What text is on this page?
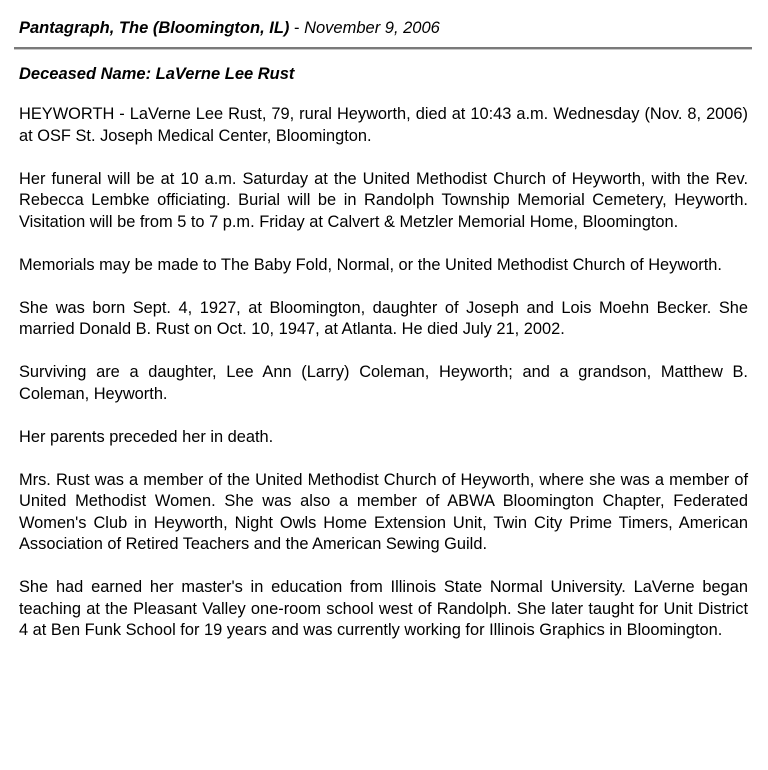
Pantagraph, The (Bloomington, IL) - November 9, 2006
Deceased Name: LaVerne Lee Rust

HEYWORTH - LaVerne Lee Rust, 79, rural Heyworth, died at 10:43 a.m. Wednesday (Nov. 8, 2006) at OSF St. Joseph Medical Center, Bloomington.

Her funeral will be at 10 a.m. Saturday at the United Methodist Church of Heyworth, with the Rev. Rebecca Lembke officiating. Burial will be in Randolph Township Memorial Cemetery, Heyworth. Visitation will be from 5 to 7 p.m. Friday at Calvert & Metzler Memorial Home, Bloomington.

Memorials may be made to The Baby Fold, Normal, or the United Methodist Church of Heyworth.

She was born Sept. 4, 1927, at Bloomington, daughter of Joseph and Lois Moehn Becker. She married Donald B. Rust on Oct. 10, 1947, at Atlanta. He died July 21, 2002.

Surviving are a daughter, Lee Ann (Larry) Coleman, Heyworth; and a grandson, Matthew B. Coleman, Heyworth.

Her parents preceded her in death.

Mrs. Rust was a member of the United Methodist Church of Heyworth, where she was a member of United Methodist Women. She was also a member of ABWA Bloomington Chapter, Federated Women's Club in Heyworth, Night Owls Home Extension Unit, Twin City Prime Timers, American Association of Retired Teachers and the American Sewing Guild.

She had earned her master's in education from Illinois State Normal University. LaVerne began teaching at the Pleasant Valley one-room school west of Randolph. She later taught for Unit District 4 at Ben Funk School for 19 years and was currently working for Illinois Graphics in Bloomington.
